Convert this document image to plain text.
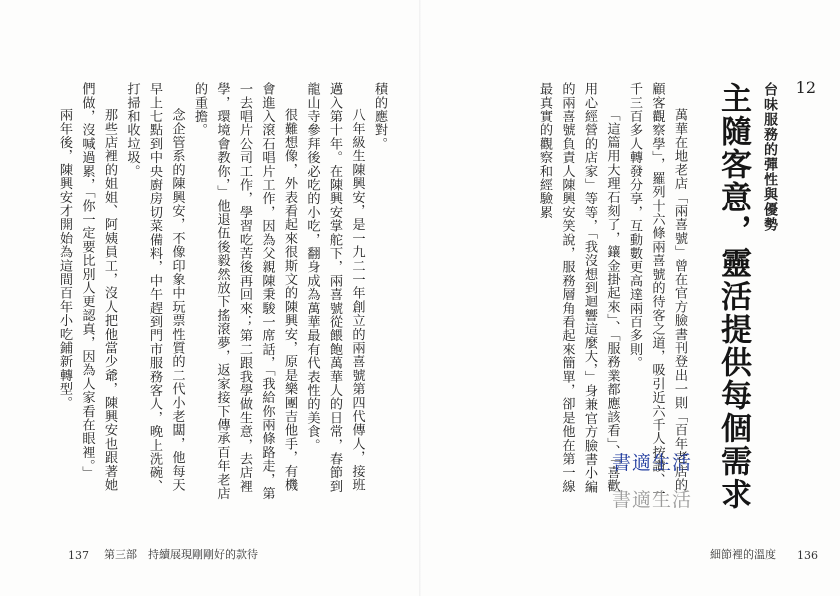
積的應對。

八年級生陳興安，是一九二一年創立的兩喜號第四代傳人，接班邁入第十年。在陳興安掌舵下，兩喜號從餵飽萬華人的日常，春節到龍山寺參拜後必吃的小吃，翻身成為萬華最有代表性的美食。

很難想像，外表看起來很斯文的陳興安，原是樂團吉他手，有機會進入滾石唱片工作，因為父親陳秉駿一席話，「我給你兩條路走，第一去唱片公司工作，學習吃苦後再回來；第二跟我學做生意，去店裡學，環境會教你，」他退伍後毅然放下搖滾夢，返家接下傳承百年老店的重擔。

念企管系的陳興安，不像印象中玩票性質的二代小老闆，他每天早上七點到中央廚房切菜備料，中午趕到門市服務客人，晚上洗碗、打掃和收垃圾。

那些店裡的姐姐、阿姨員工，沒人把他當少爺，陳興安也跟著她們做，沒喊過累，「你一定要比別人更認真，因為人家看在眼裡。」

兩年後，陳興安才開始為這間百年小吃鋪新轉型。

137 第三部　持續展現剛剛好的款待
12
台味服務的彈性與優勢
主隨客意，靈活提供每個需求

萬華在地老店「兩喜號」曾在官方臉書刊登出一則「百年老店的顧客觀察學」，羅列十六條兩喜號的待客之道，吸引近六千人按讚、一千三百多人轉發分享，互動數更高達兩百多則。

「這篇用大理石刻了，鑲金掛起來」、「服務業都應該看」、「喜歡用心經營的店家」等等，「我沒想到迴響這麼大，」身兼官方臉書小編的兩喜號負責人陳興安笑說，服務層角看起來簡單，卻是他在第一線最真實的觀察和經驗累

細節裡的溫度 136
書適生活
書適生活
